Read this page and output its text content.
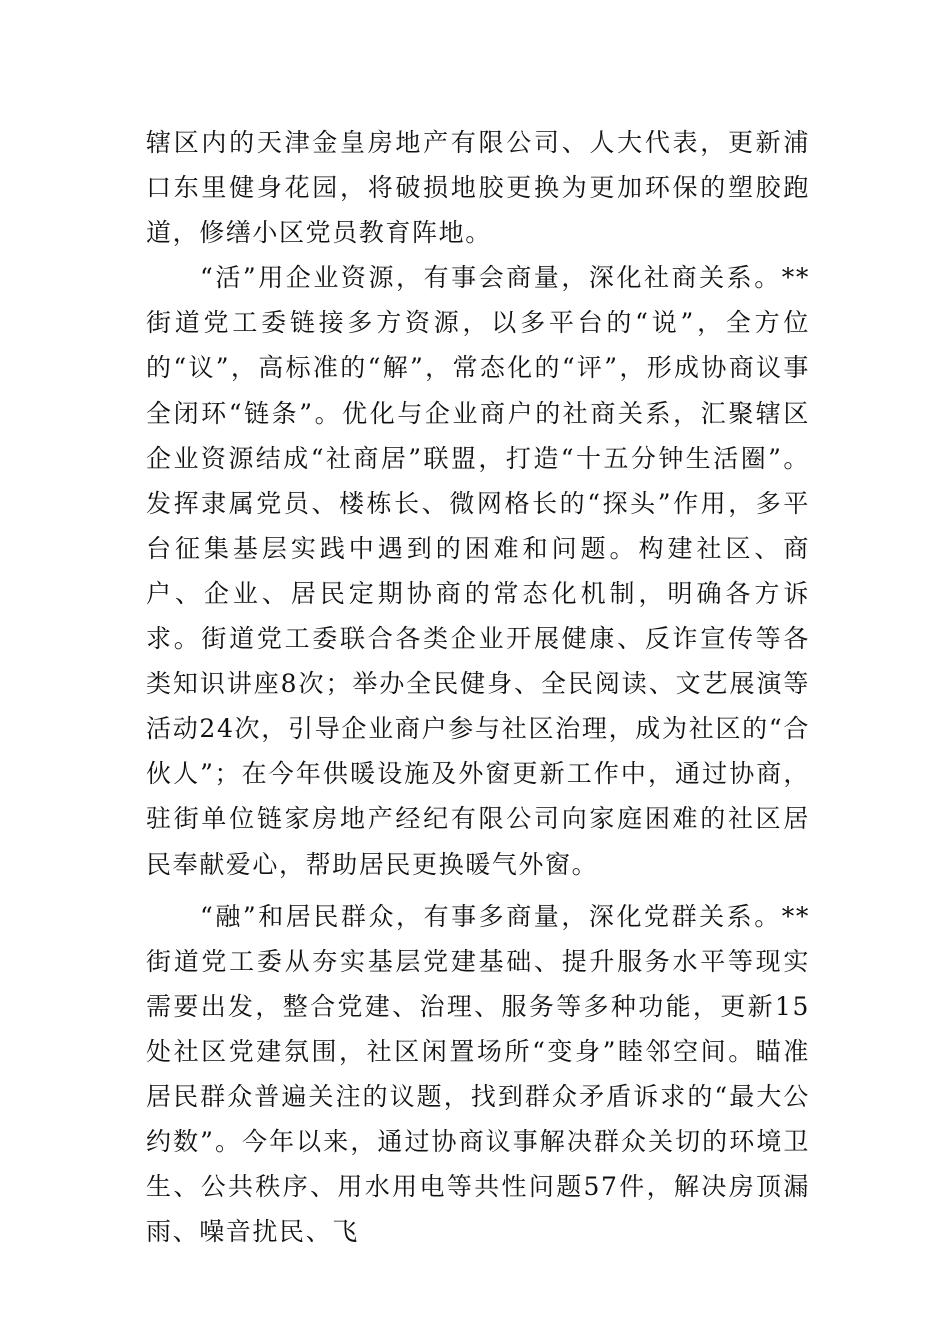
辖区内的天津金皇房地产有限公司、人大代表，更新浦口东里健身花园，将破损地胶更换为更加环保的塑胶跑道，修缮小区党员教育阵地。

“活”用企业资源，有事会商量，深化社商关系。**街道党工委链接多方资源，以多平台的“说”，全方位的“议”，高标准的“解”，常态化的“评”，形成协商议事全闭环“链条”。优化与企业商户的社商关系，汇聚辖区企业资源结成“社商居”联盟，打造“十五分钟生活圈”。发挥隶属党员、楼栋长、微网格长的“探头”作用，多平台征集基层实践中遇到的困难和问题。构建社区、商户、企业、居民定期协商的常态化机制，明确各方诉求。街道党工委联合各类企业开展健康、反诈宣传等各类知识讲座8次；举办全民健身、全民阅读、文艺展演等活动24次，引导企业商户参与社区治理，成为社区的“合伙人”；在今年供暖设施及外窗更新工作中，通过协商，驻街单位链家房地产经纪有限公司向家庭困难的社区居民奉献爱心，帮助居民更换暖气外窗。

“融”和居民群众，有事多商量，深化党群关系。**街道党工委从夯实基层党建基础、提升服务水平等现实需要出发，整合党建、治理、服务等多种功能，更新15处社区党建氛围，社区闲置场所“变身”睦邻空间。瞄准居民群众普遍关注的议题，找到群众矛盾诉求的“最大公约数”。今年以来，通过协商议事解决群众关切的环境卫生、公共秩序、用水用电等共性问题57件，解决房顶漏雨、噪音扰民、飞
